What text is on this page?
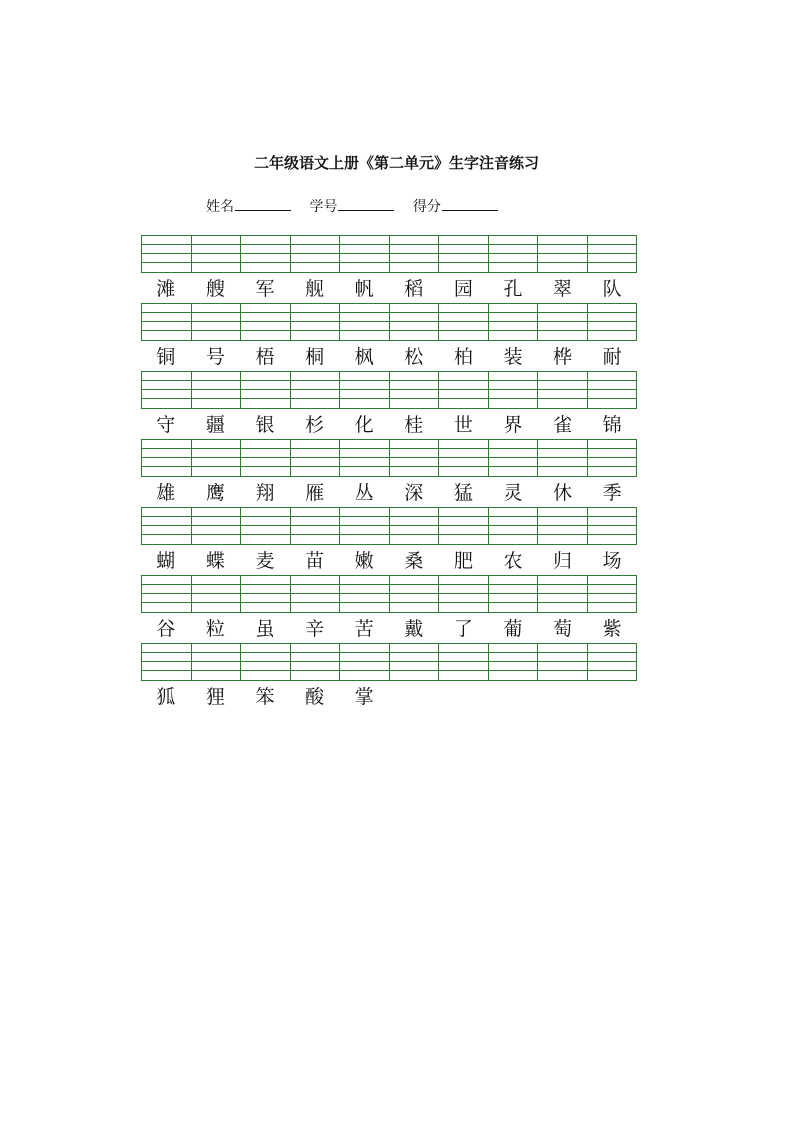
二年级语文上册《第二单元》生字注音练习
姓名	学号	得分
滩	艘	军	舰	帆	稻	园	孔	翠	队
铜	号	梧	桐	枫	松	柏	装	桦	耐
守	疆	银	杉	化	桂	世	界	雀	锦
雄	鹰	翔	雁	丛	深	猛	灵	休	季
蝴	蝶	麦	苗	嫩	桑	肥	农	归	场
谷	粒	虽	辛	苦	戴	了	葡	萄	紫
狐	狸	笨	酸	掌
